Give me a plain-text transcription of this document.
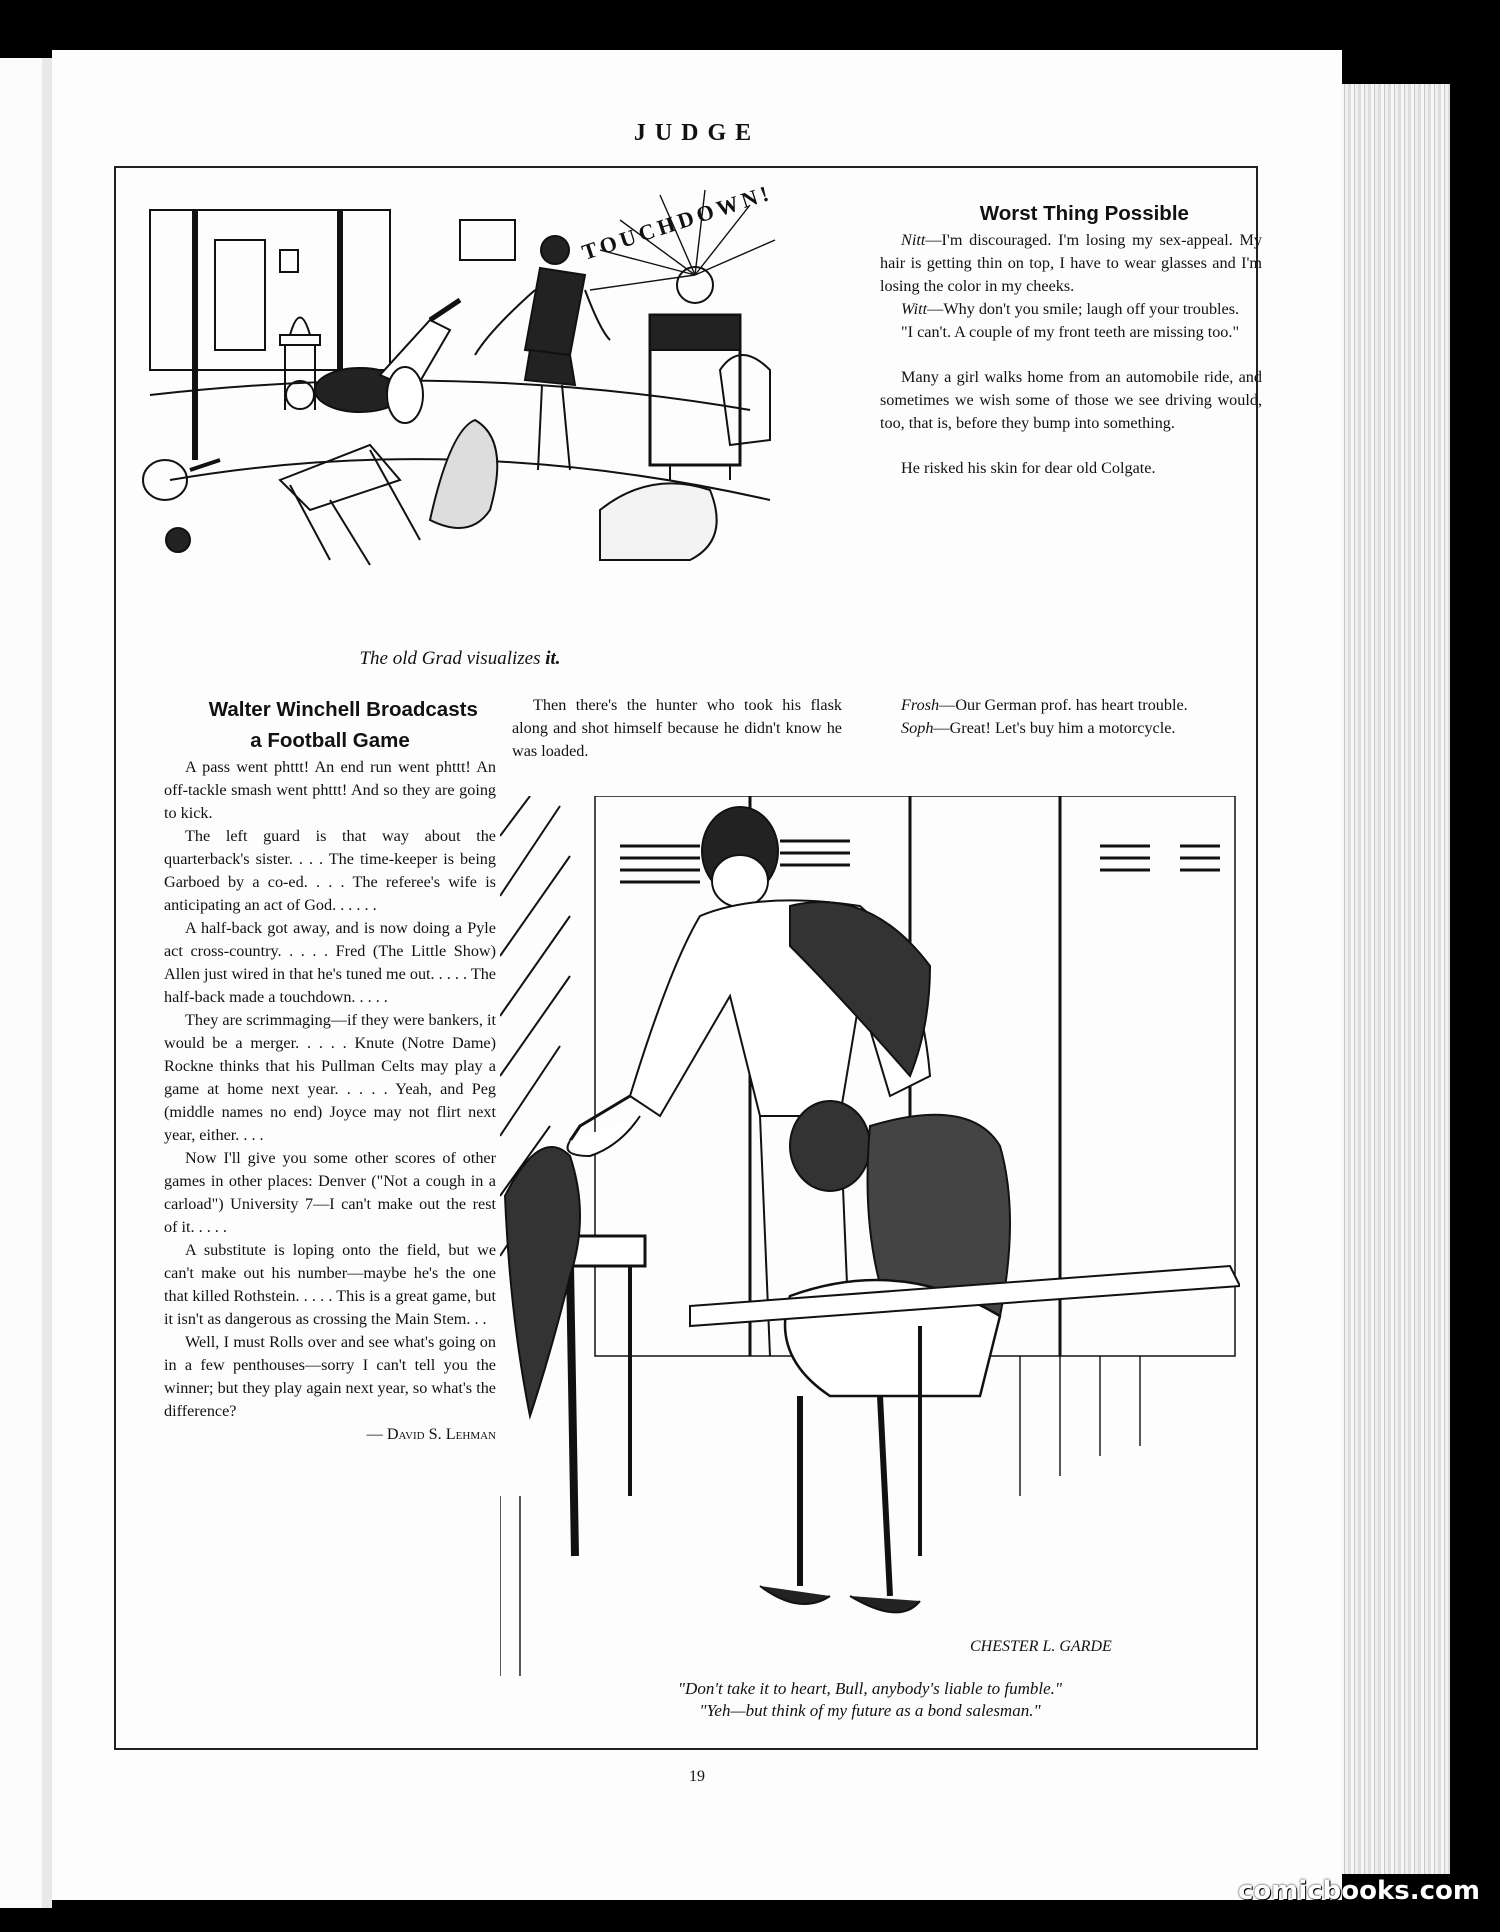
JUDGE
TOUCHDOWN!
The old Grad visualizes it.

Worst Thing Possible

Nitt—I'm discouraged. I'm losing my sex-appeal. My hair is getting thin on top, I have to wear glasses and I'm losing the color in my cheeks.

Witt—Why don't you smile; laugh off your troubles.

"I can't. A couple of my front teeth are missing too."

Many a girl walks home from an automobile ride, and sometimes we wish some of those we see driving would, too, that is, before they bump into something.

He risked his skin for dear old Colgate.

Walter Winchell Broadcasts
a Football Game

A pass went phttt! An end run went phttt! An off-tackle smash went phttt! And so they are going to kick.

The left guard is that way about the quarterback's sister. . . . The time-keeper is being Garboed by a co-ed. . . . The referee's wife is anticipating an act of God. . . . . .

A half-back got away, and is now doing a Pyle act cross-country. . . . . Fred (The Little Show) Allen just wired in that he's tuned me out. . . . . The half-back made a touchdown. . . . .

They are scrimmaging—if they were bankers, it would be a merger. . . . . Knute (Notre Dame) Rockne thinks that his Pullman Celts may play a game at home next year. . . . . Yeah, and Peg (middle names no end) Joyce may not flirt next year, either. . . .

Now I'll give you some other scores of other games in other places: Denver ("Not a cough in a carload") University 7—I can't make out the rest of it. . . . .

A substitute is loping onto the field, but we can't make out his number—maybe he's the one that killed Rothstein. . . . . This is a great game, but it isn't as dangerous as crossing the Main Stem. . .

Well, I must Rolls over and see what's going on in a few penthouses—sorry I can't tell you the winner; but they play again next year, so what's the difference?

— David S. Lehman

Then there's the hunter who took his flask along and shot himself because he didn't know he was loaded.

Frosh—Our German prof. has heart trouble.

Soph—Great! Let's buy him a motorcycle.

CHESTER L. GARDE
"Don't take it to heart, Bull, anybody's liable to fumble."
"Yeh—but think of my future as a bond salesman."
19
comicbooks.com
